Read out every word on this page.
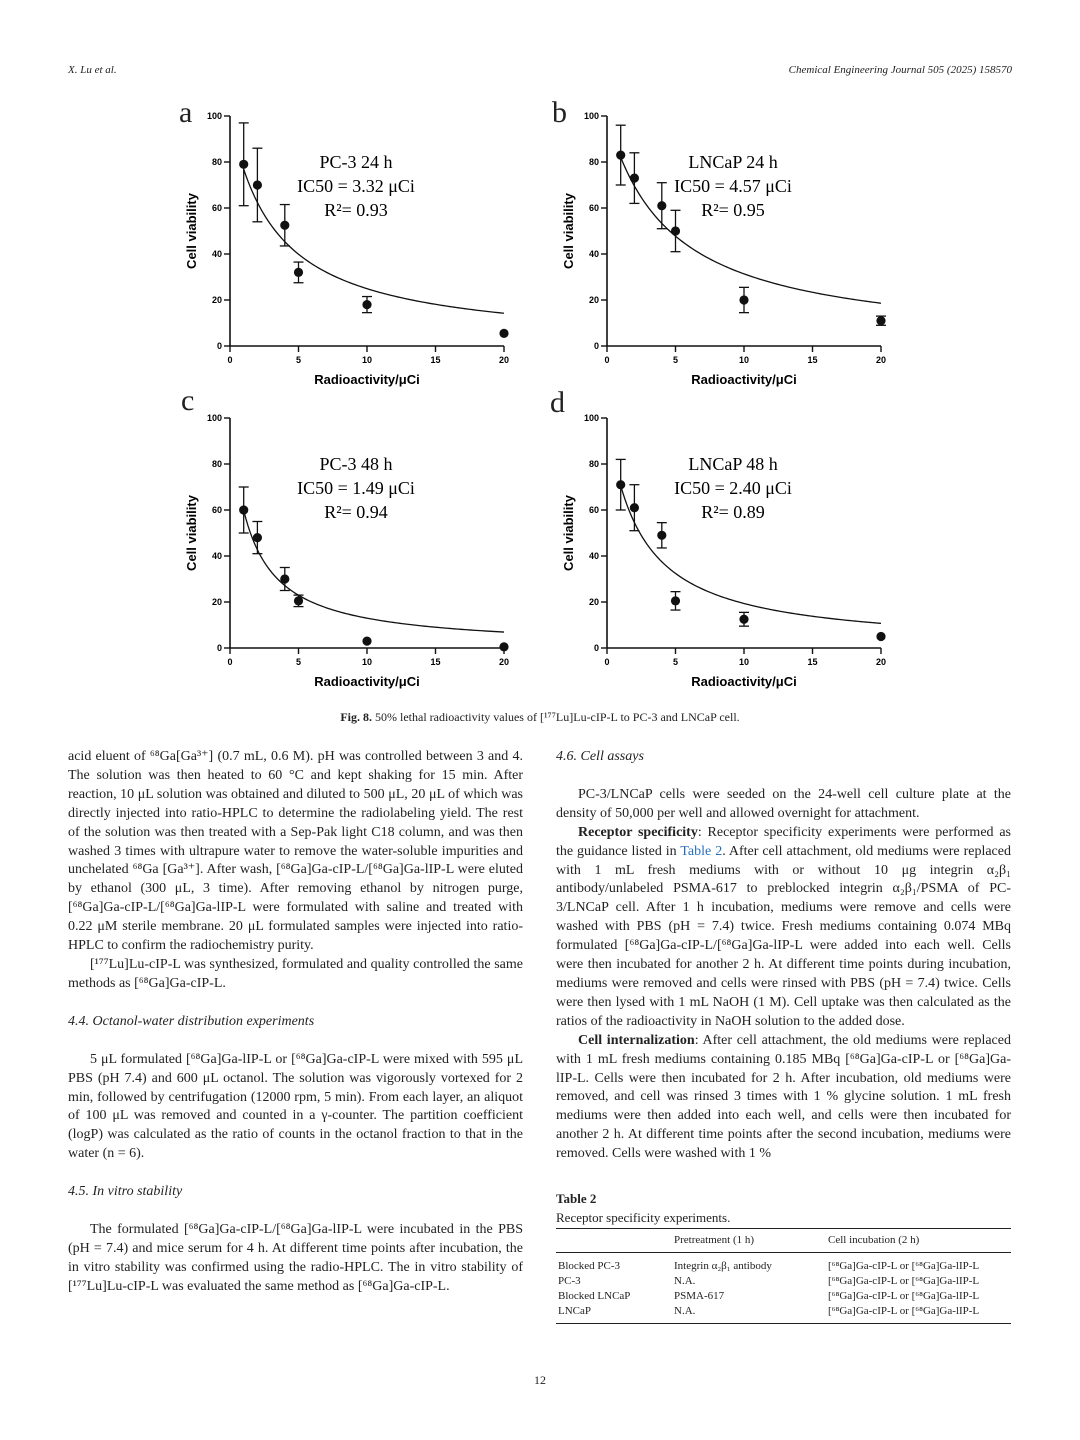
X. Lu et al.	Chemical Engineering Journal 505 (2025) 158570
a	b
c	d
0
20
40
60
80
100
0	5	10	15	20
Radioactivity/μCi
Cell viability
PC-3 24 h
IC50 = 3.32 μCi
R²= 0.93
0
20
40
60
80
100
0	5	10	15	20
Radioactivity/μCi
Cell viability
LNCaP 24 h
IC50 = 4.57 μCi
R²= 0.95
0
20
40
60
80
100
0	5	10	15	20
Radioactivity/μCi
Cell viability
PC-3 48 h
IC50 = 1.49 μCi
R²= 0.94
0
20
40
60
80
100
0	5	10	15	20
Radioactivity/μCi
Cell viability
LNCaP 48 h
IC50 = 2.40 μCi
R²= 0.89
Fig. 8. 50% lethal radioactivity values of [¹⁷⁷Lu]Lu-cIP-L to PC-3 and LNCaP cell.

acid eluent of ⁶⁸Ga[Ga³⁺] (0.7 mL, 0.6 M). pH was controlled between 3 and 4. The solution was then heated to 60 °C and kept shaking for 15 min. After reaction, 10 μL solution was obtained and diluted to 500 μL, 20 μL of which was directly injected into ratio-HPLC to determine the radiolabeling yield. The rest of the solution was then treated with a Sep-Pak light C18 column, and was then washed 3 times with ultrapure water to remove the water-soluble impurities and unchelated ⁶⁸Ga [Ga³⁺]. After wash, [⁶⁸Ga]Ga-cIP-L/[⁶⁸Ga]Ga-lIP-L were eluted by ethanol (300 μL, 3 time). After removing ethanol by nitrogen purge, [⁶⁸Ga]Ga-cIP-L/[⁶⁸Ga]Ga-lIP-L were formulated with saline and treated with 0.22 μM sterile membrane. 20 μL formulated samples were injected into ratio-HPLC to confirm the radiochemistry purity.

[¹⁷⁷Lu]Lu-cIP-L was synthesized, formulated and quality controlled the same methods as [⁶⁸Ga]Ga-cIP-L.

4.4. Octanol-water distribution experiments

5 μL formulated [⁶⁸Ga]Ga-lIP-L or [⁶⁸Ga]Ga-cIP-L were mixed with 595 μL PBS (pH 7.4) and 600 μL octanol. The solution was vigorously vortexed for 2 min, followed by centrifugation (12000 rpm, 5 min). From each layer, an aliquot of 100 μL was removed and counted in a γ-counter. The partition coefficient (logP) was calculated as the ratio of counts in the octanol fraction to that in the water (n = 6).

4.5. In vitro stability

The formulated [⁶⁸Ga]Ga-cIP-L/[⁶⁸Ga]Ga-lIP-L were incubated in the PBS (pH = 7.4) and mice serum for 4 h. At different time points after incubation, the in vitro stability was confirmed using the radio-HPLC. The in vitro stability of [¹⁷⁷Lu]Lu-cIP-L was evaluated the same method as [⁶⁸Ga]Ga-cIP-L.

4.6. Cell assays

PC-3/LNCaP cells were seeded on the 24-well cell culture plate at the density of 50,000 per well and allowed overnight for attachment.

Receptor specificity: Receptor specificity experiments were performed as the guidance listed in Table 2. After cell attachment, old mediums were replaced with 1 mL fresh mediums with or without 10 μg integrin α₂β₁ antibody/unlabeled PSMA-617 to preblocked integrin α₂β₁/PSMA of PC-3/LNCaP cell. After 1 h incubation, mediums were remove and cells were washed with PBS (pH = 7.4) twice. Fresh mediums containing 0.074 MBq formulated [⁶⁸Ga]Ga-cIP-L/[⁶⁸Ga]Ga-lIP-L were added into each well. Cells were then incubated for another 2 h. At different time points during incubation, mediums were removed and cells were rinsed with PBS (pH = 7.4) twice. Cells were then lysed with 1 mL NaOH (1 M). Cell uptake was then calculated as the ratios of the radioactivity in NaOH solution to the added dose.

Cell internalization: After cell attachment, the old mediums were replaced with 1 mL fresh mediums containing 0.185 MBq [⁶⁸Ga]Ga-cIP-L or [⁶⁸Ga]Ga-lIP-L. Cells were then incubated for 2 h. After incubation, old mediums were removed, and cell was rinsed 3 times with 1 % glycine solution. 1 mL fresh mediums were then added into each well, and cells were then incubated for another 2 h. At different time points after the second incubation, mediums were removed. Cells were washed with 1 %

Table 2

Receptor specificity experiments.

	Pretreatment (1 h)	Cell incubation (2 h)
Blocked PC-3	Integrin α₂β₁ antibody	[⁶⁸Ga]Ga-cIP-L or [⁶⁸Ga]Ga-lIP-L
PC-3	N.A.	[⁶⁸Ga]Ga-cIP-L or [⁶⁸Ga]Ga-lIP-L
Blocked LNCaP	PSMA-617	[⁶⁸Ga]Ga-cIP-L or [⁶⁸Ga]Ga-lIP-L
LNCaP	N.A.	[⁶⁸Ga]Ga-cIP-L or [⁶⁸Ga]Ga-lIP-L
12
